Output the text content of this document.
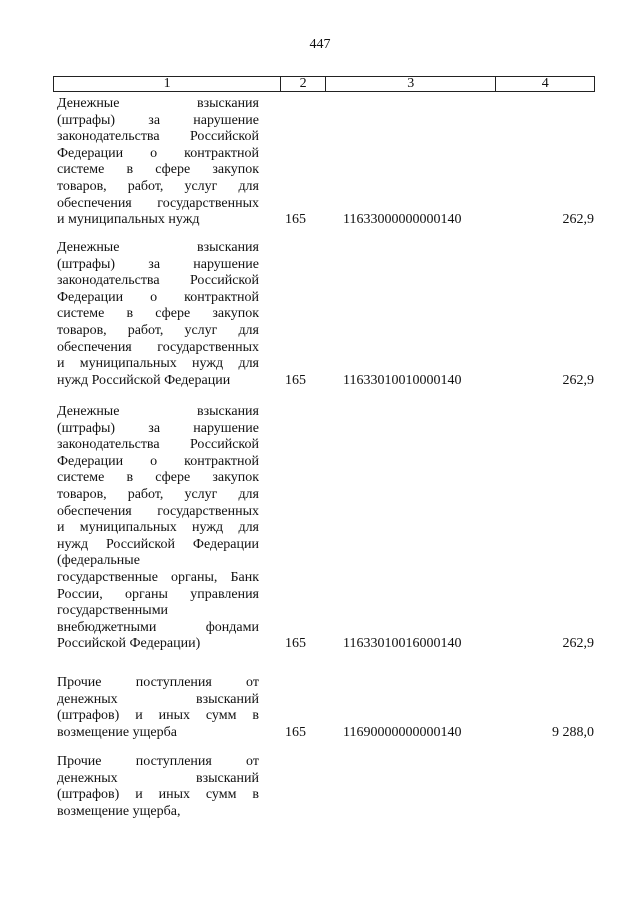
447
1	2	3	4
Денежные взыскания
(штрафы) за нарушение
законодательства Российской
Федерации о контрактной
системе в сфере закупок
товаров, работ, услуг для
обеспечения государственных
и муниципальных нужд	165	11633000000000140	262,9
Денежные взыскания
(штрафы) за нарушение
законодательства Российской
Федерации о контрактной
системе в сфере закупок
товаров, работ, услуг для
обеспечения государственных
и муниципальных нужд для
нужд Российской Федерации	165	11633010010000140	262,9
Денежные взыскания
(штрафы) за нарушение
законодательства Российской
Федерации о контрактной
системе в сфере закупок
товаров, работ, услуг для
обеспечения государственных
и муниципальных нужд для
нужд Российской Федерации
(федеральные
государственные органы, Банк
России, органы управления
государственными
внебюджетными фондами
Российской Федерации)	165	11633010016000140	262,9
Прочие поступления от
денежных взысканий
(штрафов) и иных сумм в
возмещение ущерба	165	11690000000000140	9 288,0
Прочие поступления от
денежных взысканий
(штрафов) и иных сумм в
возмещение ущерба,
